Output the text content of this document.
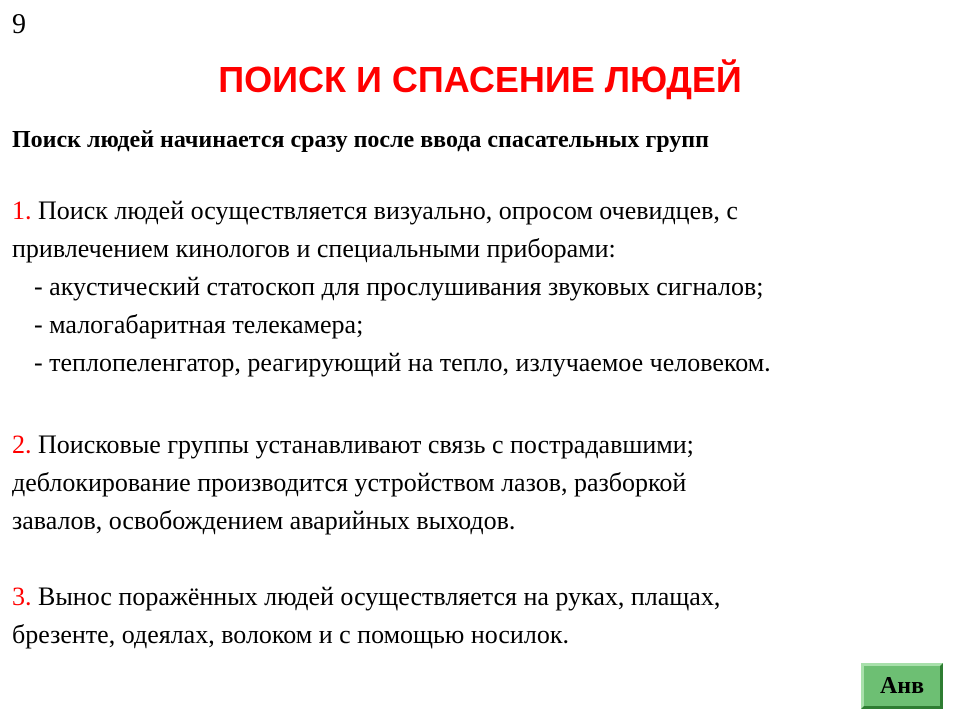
9
ПОИСК И СПАСЕНИЕ ЛЮДЕЙ
Поиск людей начинается сразу после ввода спасательных групп
1. Поиск людей осуществляется визуально, опросом очевидцев, с
привлечением кинологов и специальными приборами:
- акустический статоскоп для прослушивания звуковых сигналов;
- малогабаритная телекамера;
- теплопеленгатор, реагирующий на тепло, излучаемое человеком.
2. Поисковые группы устанавливают связь с пострадавшими;
деблокирование производится устройством лазов, разборкой
завалов, освобождением аварийных выходов.
3. Вынос поражённых людей осуществляется на руках, плащах,
брезенте, одеялах, волоком и с помощью носилок.
Анв
